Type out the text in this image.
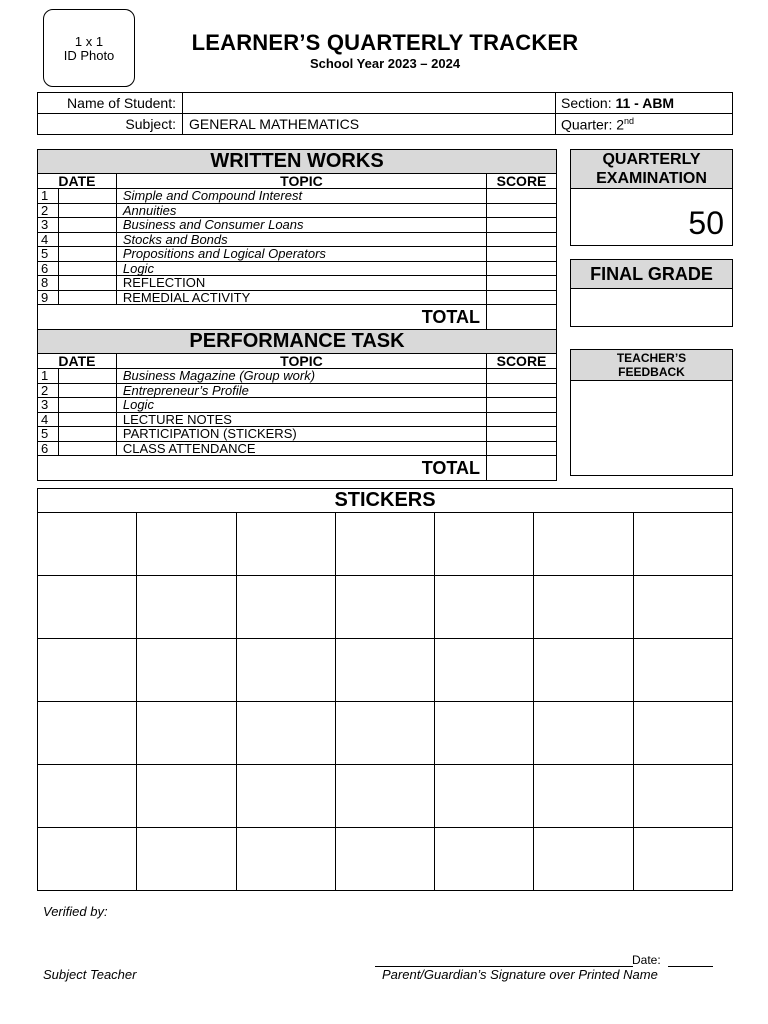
1 x 1
ID Photo
LEARNER’S QUARTERLY TRACKER
School Year 2023 – 2024
Name of Student:		Section: 11 - ABM
Subject:	GENERAL MATHEMATICS	Quarter: 2nd
WRITTEN WORKS			
DATE		TOPIC	SCORE
1		Simple and Compound Interest	
2		Annuities	
3		Business and Consumer Loans	
4		Stocks and Bonds	
5		Propositions and Logical Operators	
6		Logic	
8		REFLECTION	
9		REMEDIAL ACTIVITY	
TOTAL			
PERFORMANCE TASK			
DATE		TOPIC	SCORE
1		Business Magazine (Group work)	
2		Entrepreneur’s Profile	
3		Logic	
4		LECTURE NOTES	
5		PARTICIPATION (STICKERS)	
6		CLASS ATTENDANCE	
TOTAL			
QUARTERLY
EXAMINATION
50
FINAL GRADE
TEACHER’S
FEEDBACK
STICKERS						

Verified by:
Subject Teacher
Date:
Parent/Guardian’s Signature over Printed Name
